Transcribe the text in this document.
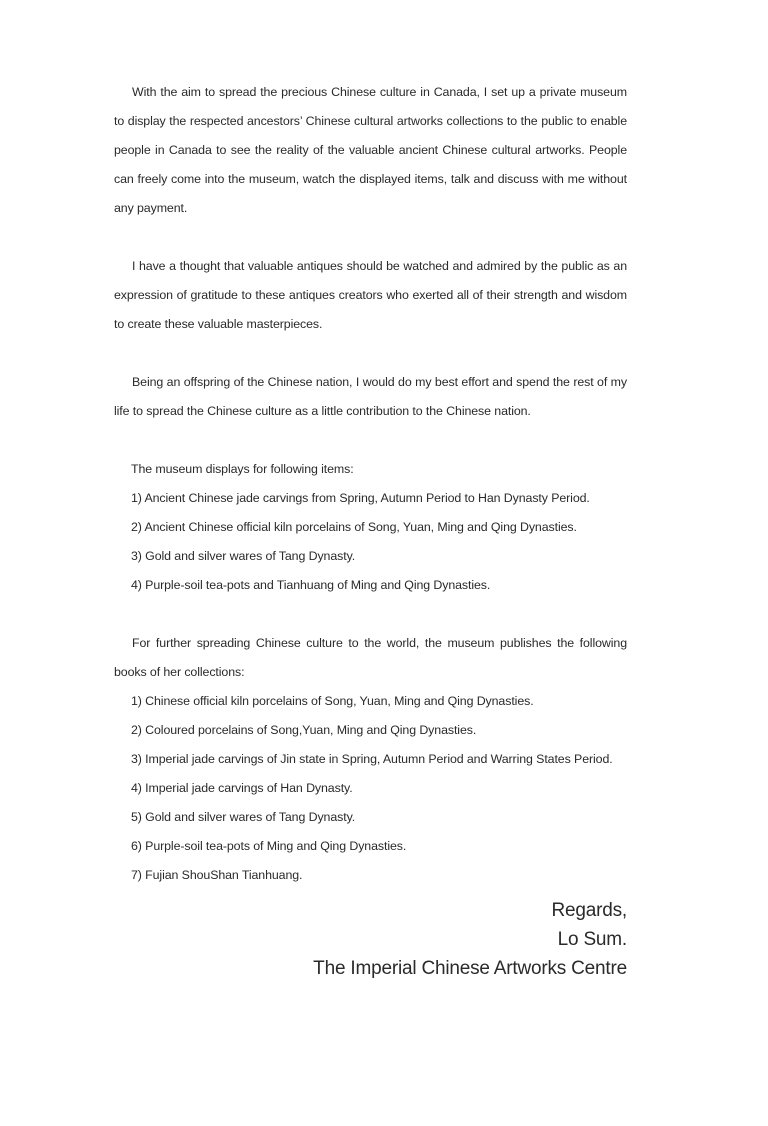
With the aim to spread the precious Chinese culture in Canada, I set up a private museum to display the respected ancestors’ Chinese cultural artworks collections to the public to enable people in Canada to see the reality of the valuable ancient Chinese cultural artworks. People can freely come into the museum, watch the displayed items, talk and discuss with me without any payment.

I have a thought that valuable antiques should be watched and admired by the public as an expression of gratitude to these antiques creators who exerted all of their strength and wisdom to create these valuable masterpieces.

Being an offspring of the Chinese nation, I would do my best effort and spend the rest of my life to spread the Chinese culture as a little contribution to the Chinese nation.

The museum displays for following items:

1) Ancient Chinese jade carvings from Spring, Autumn Period to Han Dynasty Period.
2) Ancient Chinese official kiln porcelains of Song, Yuan, Ming and Qing Dynasties.
3) Gold and silver wares of Tang Dynasty.
4) Purple-soil tea-pots and Tianhuang of Ming and Qing Dynasties.

For further spreading Chinese culture to the world, the museum publishes the following books of her collections:

1) Chinese official kiln porcelains of Song, Yuan, Ming and Qing Dynasties.
2) Coloured porcelains of Song,Yuan, Ming and Qing Dynasties.
3) Imperial jade carvings of Jin state in Spring, Autumn Period and Warring States Period.
4) Imperial jade carvings of Han Dynasty.
5) Gold and silver wares of Tang Dynasty.
6) Purple-soil tea-pots of Ming and Qing Dynasties.
7) Fujian ShouShan Tianhuang.
Regards,
Lo Sum.
The Imperial Chinese Artworks Centre
